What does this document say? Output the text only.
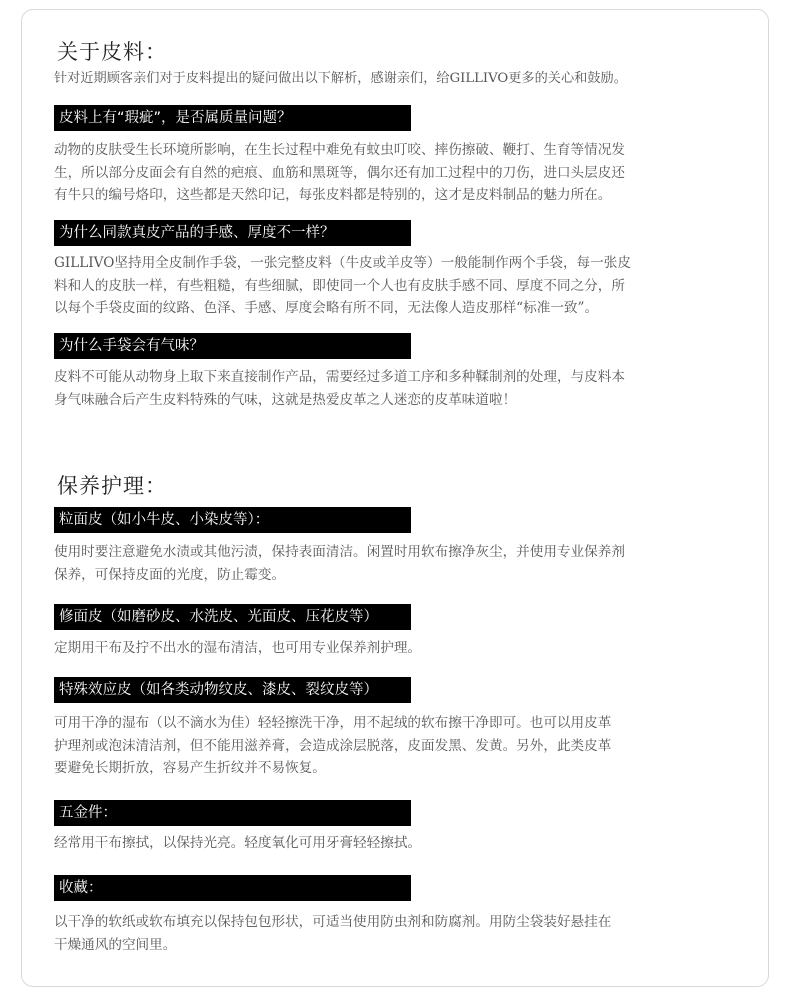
关于皮料：

针对近期顾客亲们对于皮料提出的疑问做出以下解析，感谢亲们，给GILLIVO更多的关心和鼓励。

皮料上有“瑕疵”，是否属质量问题？

动物的皮肤受生长环境所影响，在生长过程中难免有蚊虫叮咬、摔伤擦破、鞭打、生育等情况发
生，所以部分皮面会有自然的疤痕、血筋和黑斑等，偶尔还有加工过程中的刀伤，进口头层皮还
有牛只的编号烙印，这些都是天然印记，每张皮料都是特别的，这才是皮料制品的魅力所在。

为什么同款真皮产品的手感、厚度不一样？

GILLIVO坚持用全皮制作手袋，一张完整皮料（牛皮或羊皮等）一般能制作两个手袋，每一张皮
料和人的皮肤一样，有些粗糙，有些细腻，即使同一个人也有皮肤手感不同、厚度不同之分，所
以每个手袋皮面的纹路、色泽、手感、厚度会略有所不同，无法像人造皮那样“标准一致”。

为什么手袋会有气味？

皮料不可能从动物身上取下来直接制作产品，需要经过多道工序和多种鞣制剂的处理，与皮料本
身气味融合后产生皮料特殊的气味，这就是热爱皮革之人迷恋的皮革味道啦！

保养护理：
粒面皮（如小牛皮、小染皮等）：

使用时要注意避免水渍或其他污渍，保持表面清洁。闲置时用软布擦净灰尘，并使用专业保养剂
保养，可保持皮面的光度，防止霉变。

修面皮（如磨砂皮、水洗皮、光面皮、压花皮等）

定期用干布及拧不出水的湿布清洁，也可用专业保养剂护理。

特殊效应皮（如各类动物纹皮、漆皮、裂纹皮等）

可用干净的湿布（以不滴水为佳）轻轻擦洗干净，用不起绒的软布擦干净即可。也可以用皮革
护理剂或泡沫清洁剂，但不能用滋养膏，会造成涂层脱落，皮面发黑、发黄。另外，此类皮革
要避免长期折放，容易产生折纹并不易恢复。

五金件：

经常用干布擦拭，以保持光亮。轻度氧化可用牙膏轻轻擦拭。

收藏：

以干净的软纸或软布填充以保持包包形状，可适当使用防虫剂和防腐剂。用防尘袋装好悬挂在
干燥通风的空间里。
